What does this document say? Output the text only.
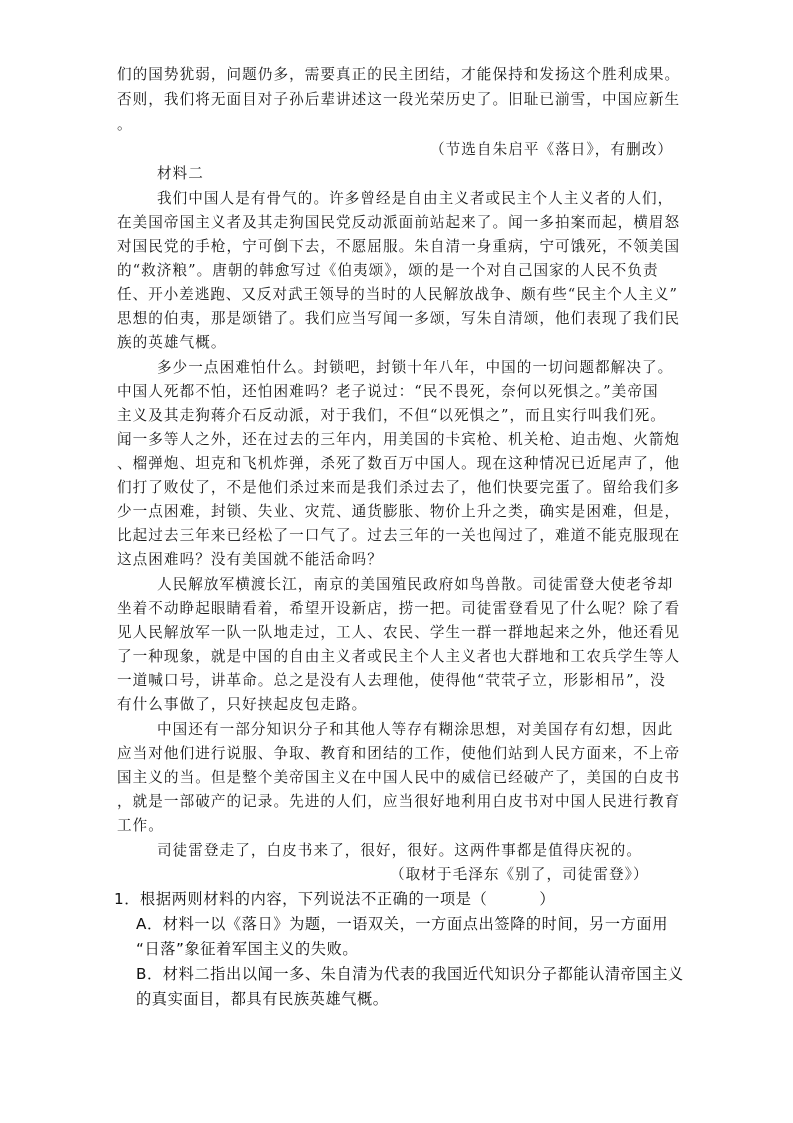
们的国势犹弱，问题仍多，需要真正的民主团结，才能保持和发扬这个胜利成果。
否则，我们将无面目对子孙后辈讲述这一段光荣历史了。旧耻已湔雪，中国应新生
。
（节选自朱启平《落日》，有删改）
材料二
我们中国人是有骨气的。许多曾经是自由主义者或民主个人主义者的人们，
在美国帝国主义者及其走狗国民党反动派面前站起来了。闻一多拍案而起，横眉怒
对国民党的手枪，宁可倒下去，不愿屈服。朱自清一身重病，宁可饿死，不领美国
的“救济粮”。唐朝的韩愈写过《伯夷颂》，颂的是一个对自己国家的人民不负责
任、开小差逃跑、又反对武王领导的当时的人民解放战争、颇有些“民主个人主义”
思想的伯夷，那是颂错了。我们应当写闻一多颂，写朱自清颂，他们表现了我们民
族的英雄气概。
多少一点困难怕什么。封锁吧，封锁十年八年，中国的一切问题都解决了。
中国人死都不怕，还怕困难吗？老子说过：“民不畏死，奈何以死惧之。”美帝国
主义及其走狗蒋介石反动派，对于我们，不但“以死惧之”，而且实行叫我们死。
闻一多等人之外，还在过去的三年内，用美国的卡宾枪、机关枪、迫击炮、火箭炮
、榴弹炮、坦克和飞机炸弹，杀死了数百万中国人。现在这种情况已近尾声了，他
们打了败仗了，不是他们杀过来而是我们杀过去了，他们快要完蛋了。留给我们多
少一点困难，封锁、失业、灾荒、通货膨胀、物价上升之类，确实是困难，但是，
比起过去三年来已经松了一口气了。过去三年的一关也闯过了，难道不能克服现在
这点困难吗？没有美国就不能活命吗？
人民解放军横渡长江，南京的美国殖民政府如鸟兽散。司徒雷登大使老爷却
坐着不动睁起眼睛看着，希望开设新店，捞一把。司徒雷登看见了什么呢？除了看
见人民解放军一队一队地走过，工人、农民、学生一群一群地起来之外，他还看见
了一种现象，就是中国的自由主义者或民主个人主义者也大群地和工农兵学生等人
一道喊口号，讲革命。总之是没有人去理他，使得他“茕茕孑立，形影相吊”，没
有什么事做了，只好挟起皮包走路。
中国还有一部分知识分子和其他人等存有糊涂思想，对美国存有幻想，因此
应当对他们进行说服、争取、教育和团结的工作，使他们站到人民方面来，不上帝
国主义的当。但是整个美帝国主义在中国人民中的威信已经破产了，美国的白皮书
，就是一部破产的记录。先进的人们，应当很好地利用白皮书对中国人民进行教育
工作。
司徒雷登走了，白皮书来了，很好，很好。这两件事都是值得庆祝的。
（取材于毛泽东《别了，司徒雷登》）
1．根据两则材料的内容，下列说法不正确的一项是（	）
A．材料一以《落日》为题，一语双关，一方面点出签降的时间，另一方面用
“日落”象征着军国主义的失败。
B．材料二指出以闻一多、朱自清为代表的我国近代知识分子都能认清帝国主义
的真实面目，都具有民族英雄气概。
